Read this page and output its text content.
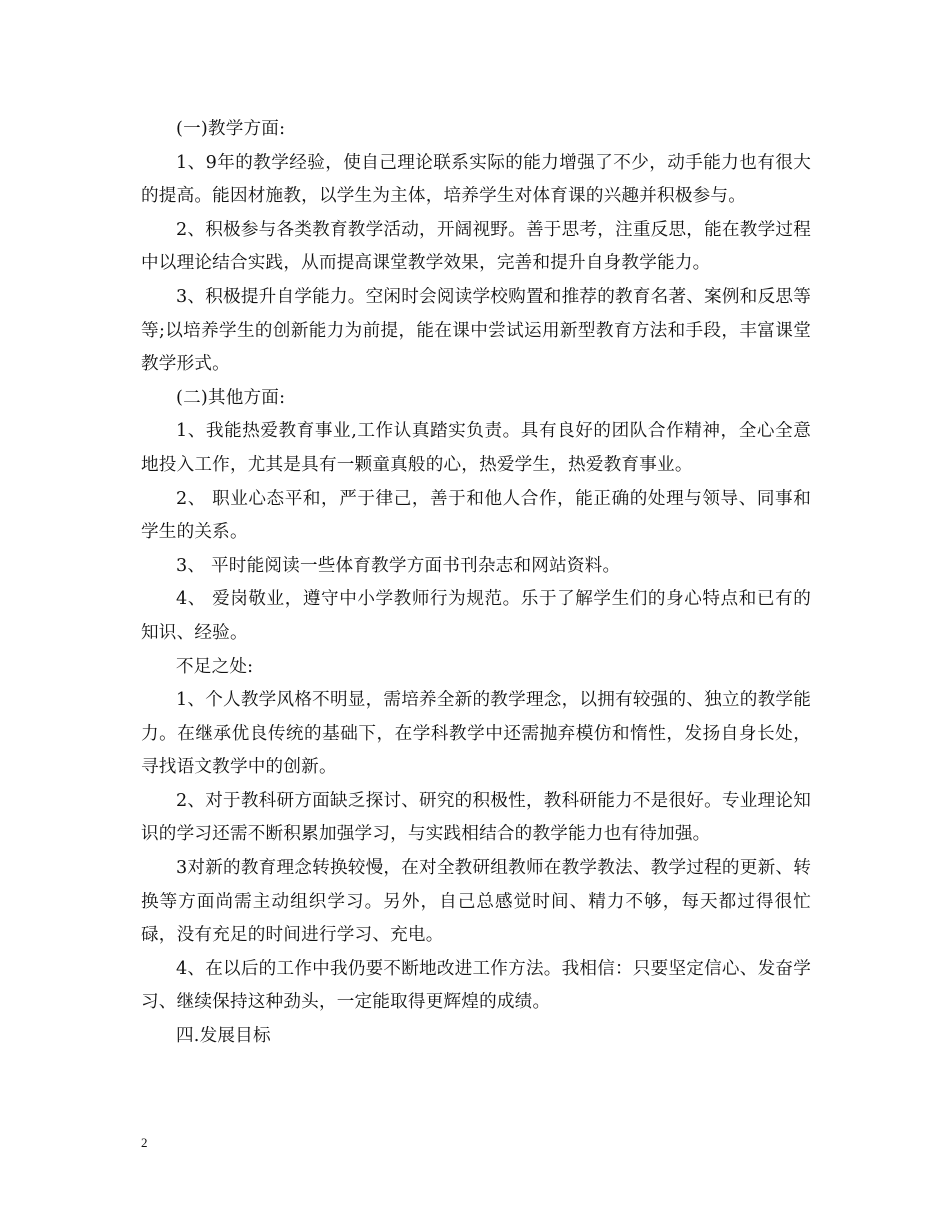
(一)教学方面:

1、9年的教学经验，使自己理论联系实际的能力增强了不少，动手能力也有很大的提高。能因材施教，以学生为主体，培养学生对体育课的兴趣并积极参与。

2、积极参与各类教育教学活动，开阔视野。善于思考，注重反思，能在教学过程中以理论结合实践，从而提高课堂教学效果，完善和提升自身教学能力。

3、积极提升自学能力。空闲时会阅读学校购置和推荐的教育名著、案例和反思等等;以培养学生的创新能力为前提，能在课中尝试运用新型教育方法和手段，丰富课堂教学形式。

(二)其他方面:

1、我能热爱教育事业,工作认真踏实负责。具有良好的团队合作精神，全心全意地投入工作，尤其是具有一颗童真般的心，热爱学生，热爱教育事业。

2、 职业心态平和，严于律己，善于和他人合作，能正确的处理与领导、同事和学生的关系。

3、 平时能阅读一些体育教学方面书刊杂志和网站资料。

4、 爱岗敬业，遵守中小学教师行为规范。乐于了解学生们的身心特点和已有的知识、经验。

不足之处:

1、个人教学风格不明显，需培养全新的教学理念，以拥有较强的、独立的教学能力。在继承优良传统的基础下，在学科教学中还需抛弃模仿和惰性，发扬自身长处，寻找语文教学中的创新。

2、对于教科研方面缺乏探讨、研究的积极性，教科研能力不是很好。专业理论知识的学习还需不断积累加强学习，与实践相结合的教学能力也有待加强。

3对新的教育理念转换较慢，在对全教研组教师在教学教法、教学过程的更新、转换等方面尚需主动组织学习。另外，自己总感觉时间、精力不够，每天都过得很忙碌，没有充足的时间进行学习、充电。

4、在以后的工作中我仍要不断地改进工作方法。我相信：只要坚定信心、发奋学习、继续保持这种劲头，一定能取得更辉煌的成绩。

四.发展目标

2
